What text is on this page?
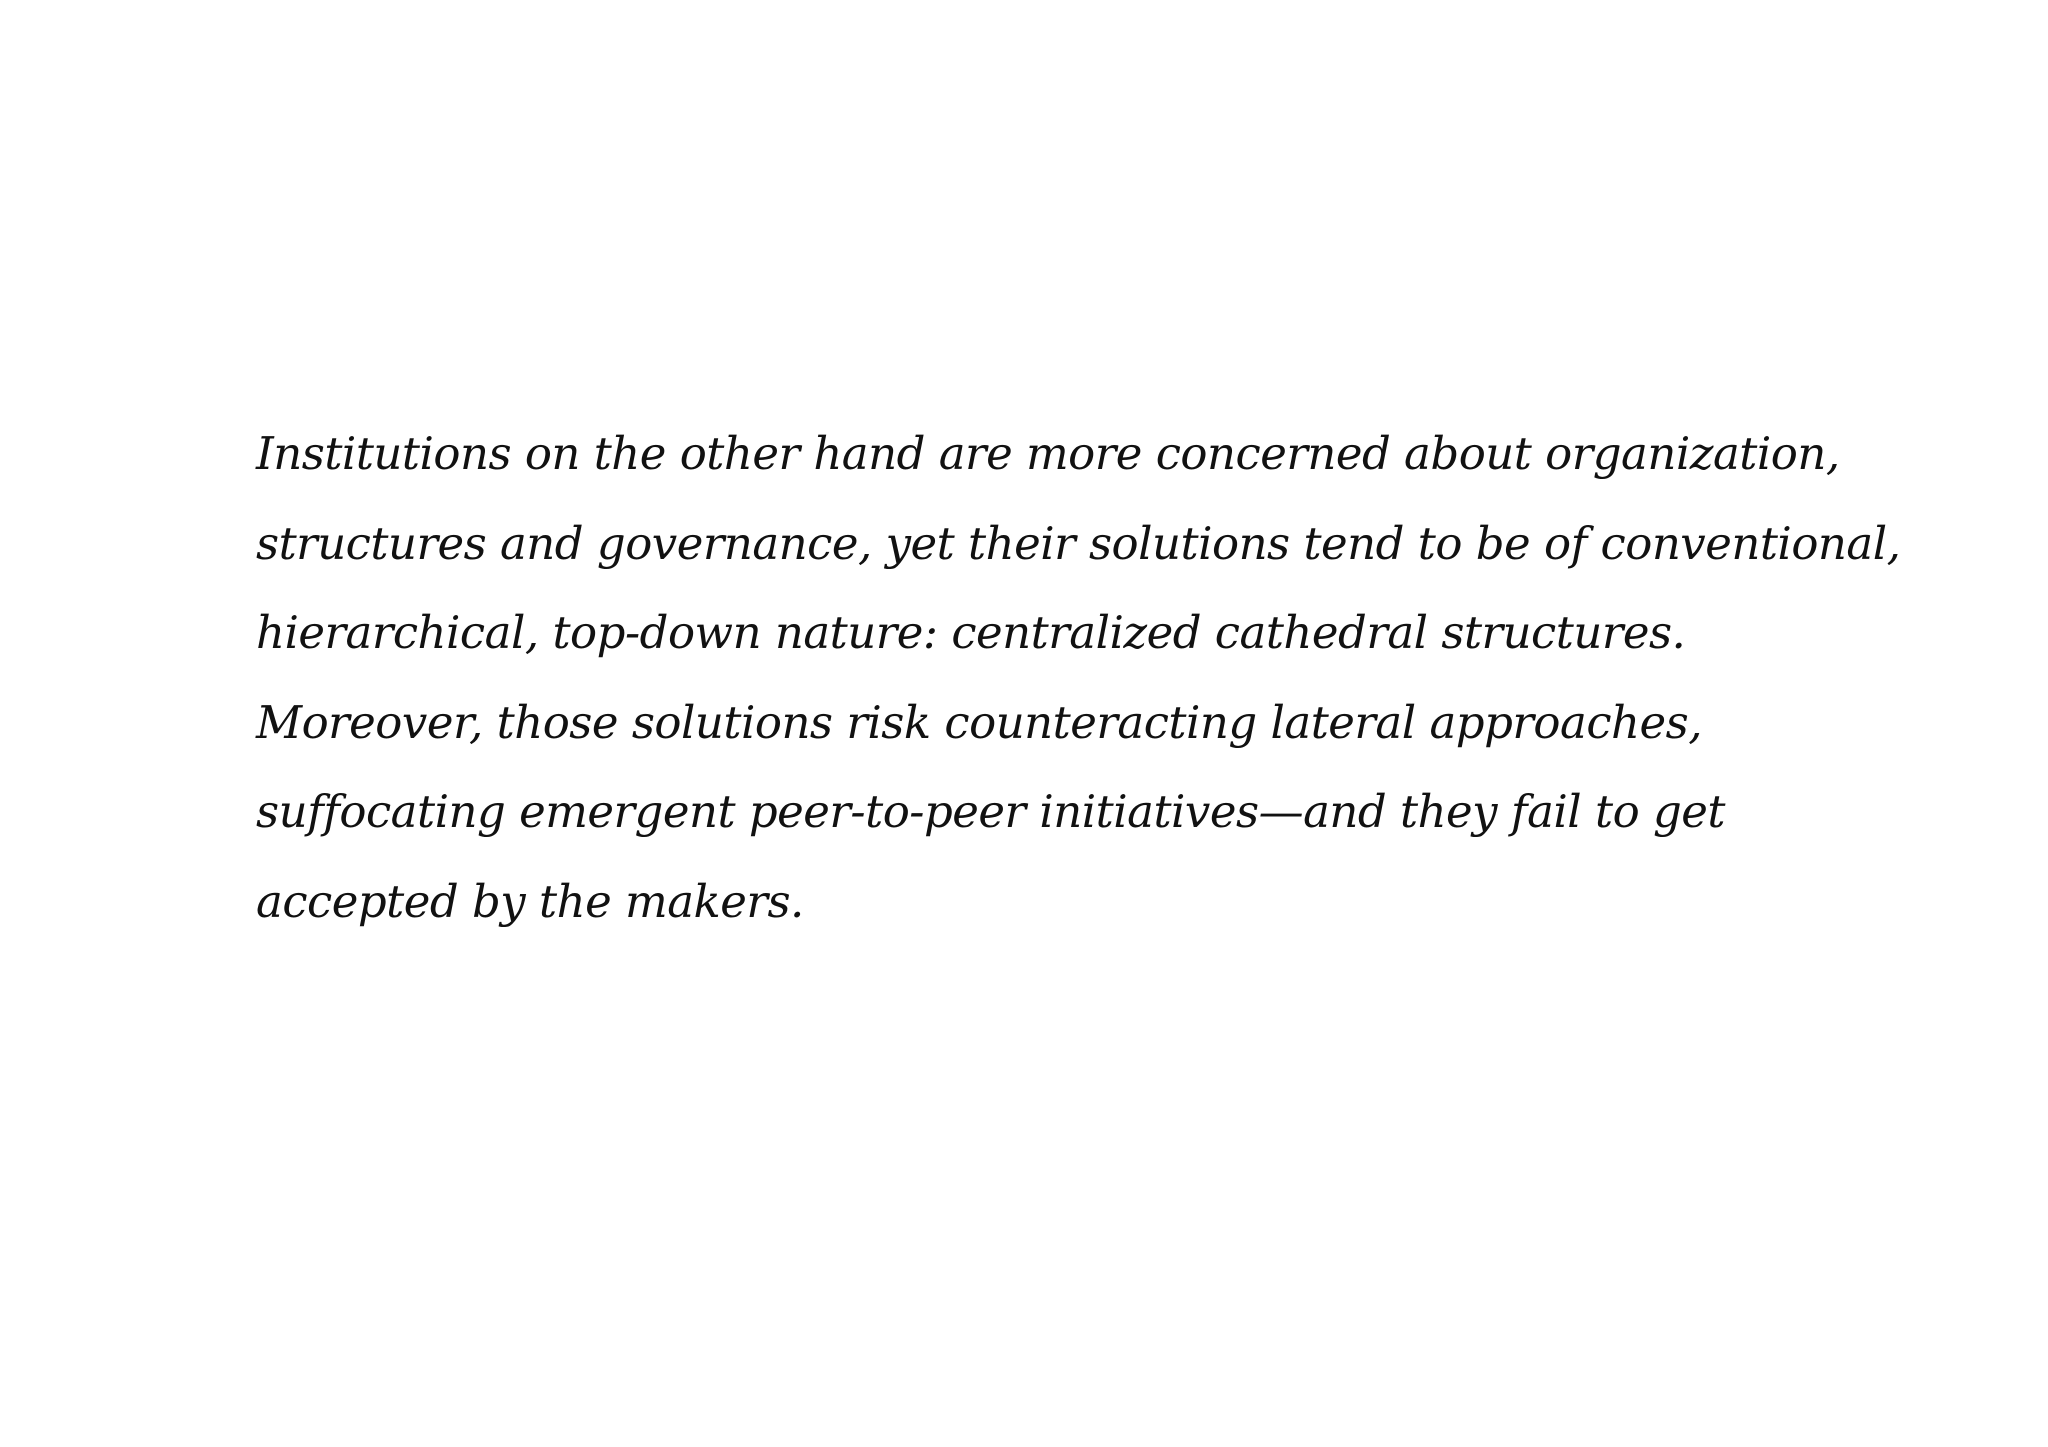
Institutions on the other hand are more concerned about organization,
structures and governance, yet their solutions tend to be of conventional,
hierarchical, top-down nature: centralized cathedral structures.
Moreover, those solutions risk counteracting lateral approaches,
suffocating emergent peer-to-peer initiatives—and they fail to get
accepted by the makers.
